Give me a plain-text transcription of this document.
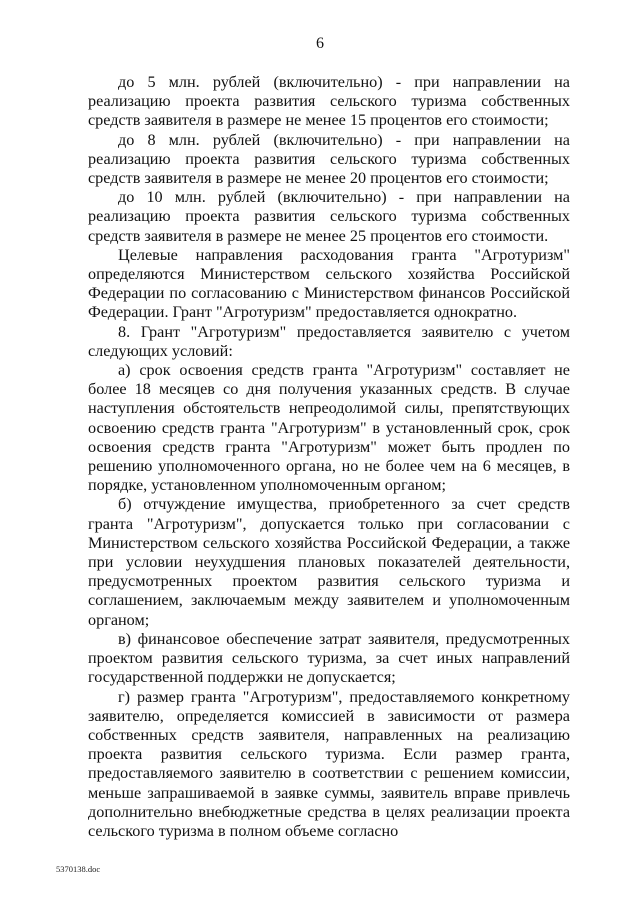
6

до 5 млн. рублей (включительно) - при направлении на реализацию проекта развития сельского туризма собственных средств заявителя в размере не менее 15 процентов его стоимости;

до 8 млн. рублей (включительно) - при направлении на реализацию проекта развития сельского туризма собственных средств заявителя в размере не менее 20 процентов его стоимости;

до 10 млн. рублей (включительно) - при направлении на реализацию проекта развития сельского туризма собственных средств заявителя в размере не менее 25 процентов его стоимости.

Целевые направления расходования гранта "Агротуризм" определяются Министерством сельского хозяйства Российской Федерации по согласованию с Министерством финансов Российской Федерации. Грант "Агротуризм" предоставляется однократно.

8. Грант "Агротуризм" предоставляется заявителю с учетом следующих условий:

а) срок освоения средств гранта "Агротуризм" составляет не более 18 месяцев со дня получения указанных средств. В случае наступления обстоятельств непреодолимой силы, препятствующих освоению средств гранта "Агротуризм" в установленный срок, срок освоения средств гранта "Агротуризм" может быть продлен по решению уполномоченного органа, но не более чем на 6 месяцев, в порядке, установленном уполномоченным органом;

б) отчуждение имущества, приобретенного за счет средств гранта "Агротуризм", допускается только при согласовании с Министерством сельского хозяйства Российской Федерации, а также при условии неухудшения плановых показателей деятельности, предусмотренных проектом развития сельского туризма и соглашением, заключаемым между заявителем и уполномоченным органом;

в) финансовое обеспечение затрат заявителя, предусмотренных проектом развития сельского туризма, за счет иных направлений государственной поддержки не допускается;

г) размер гранта "Агротуризм", предоставляемого конкретному заявителю, определяется комиссией в зависимости от размера собственных средств заявителя, направленных на реализацию проекта развития сельского туризма. Если размер гранта, предоставляемого заявителю в соответствии с решением комиссии, меньше запрашиваемой в заявке суммы, заявитель вправе привлечь дополнительно внебюджетные средства в целях реализации проекта сельского туризма в полном объеме согласно

5370138.doc
